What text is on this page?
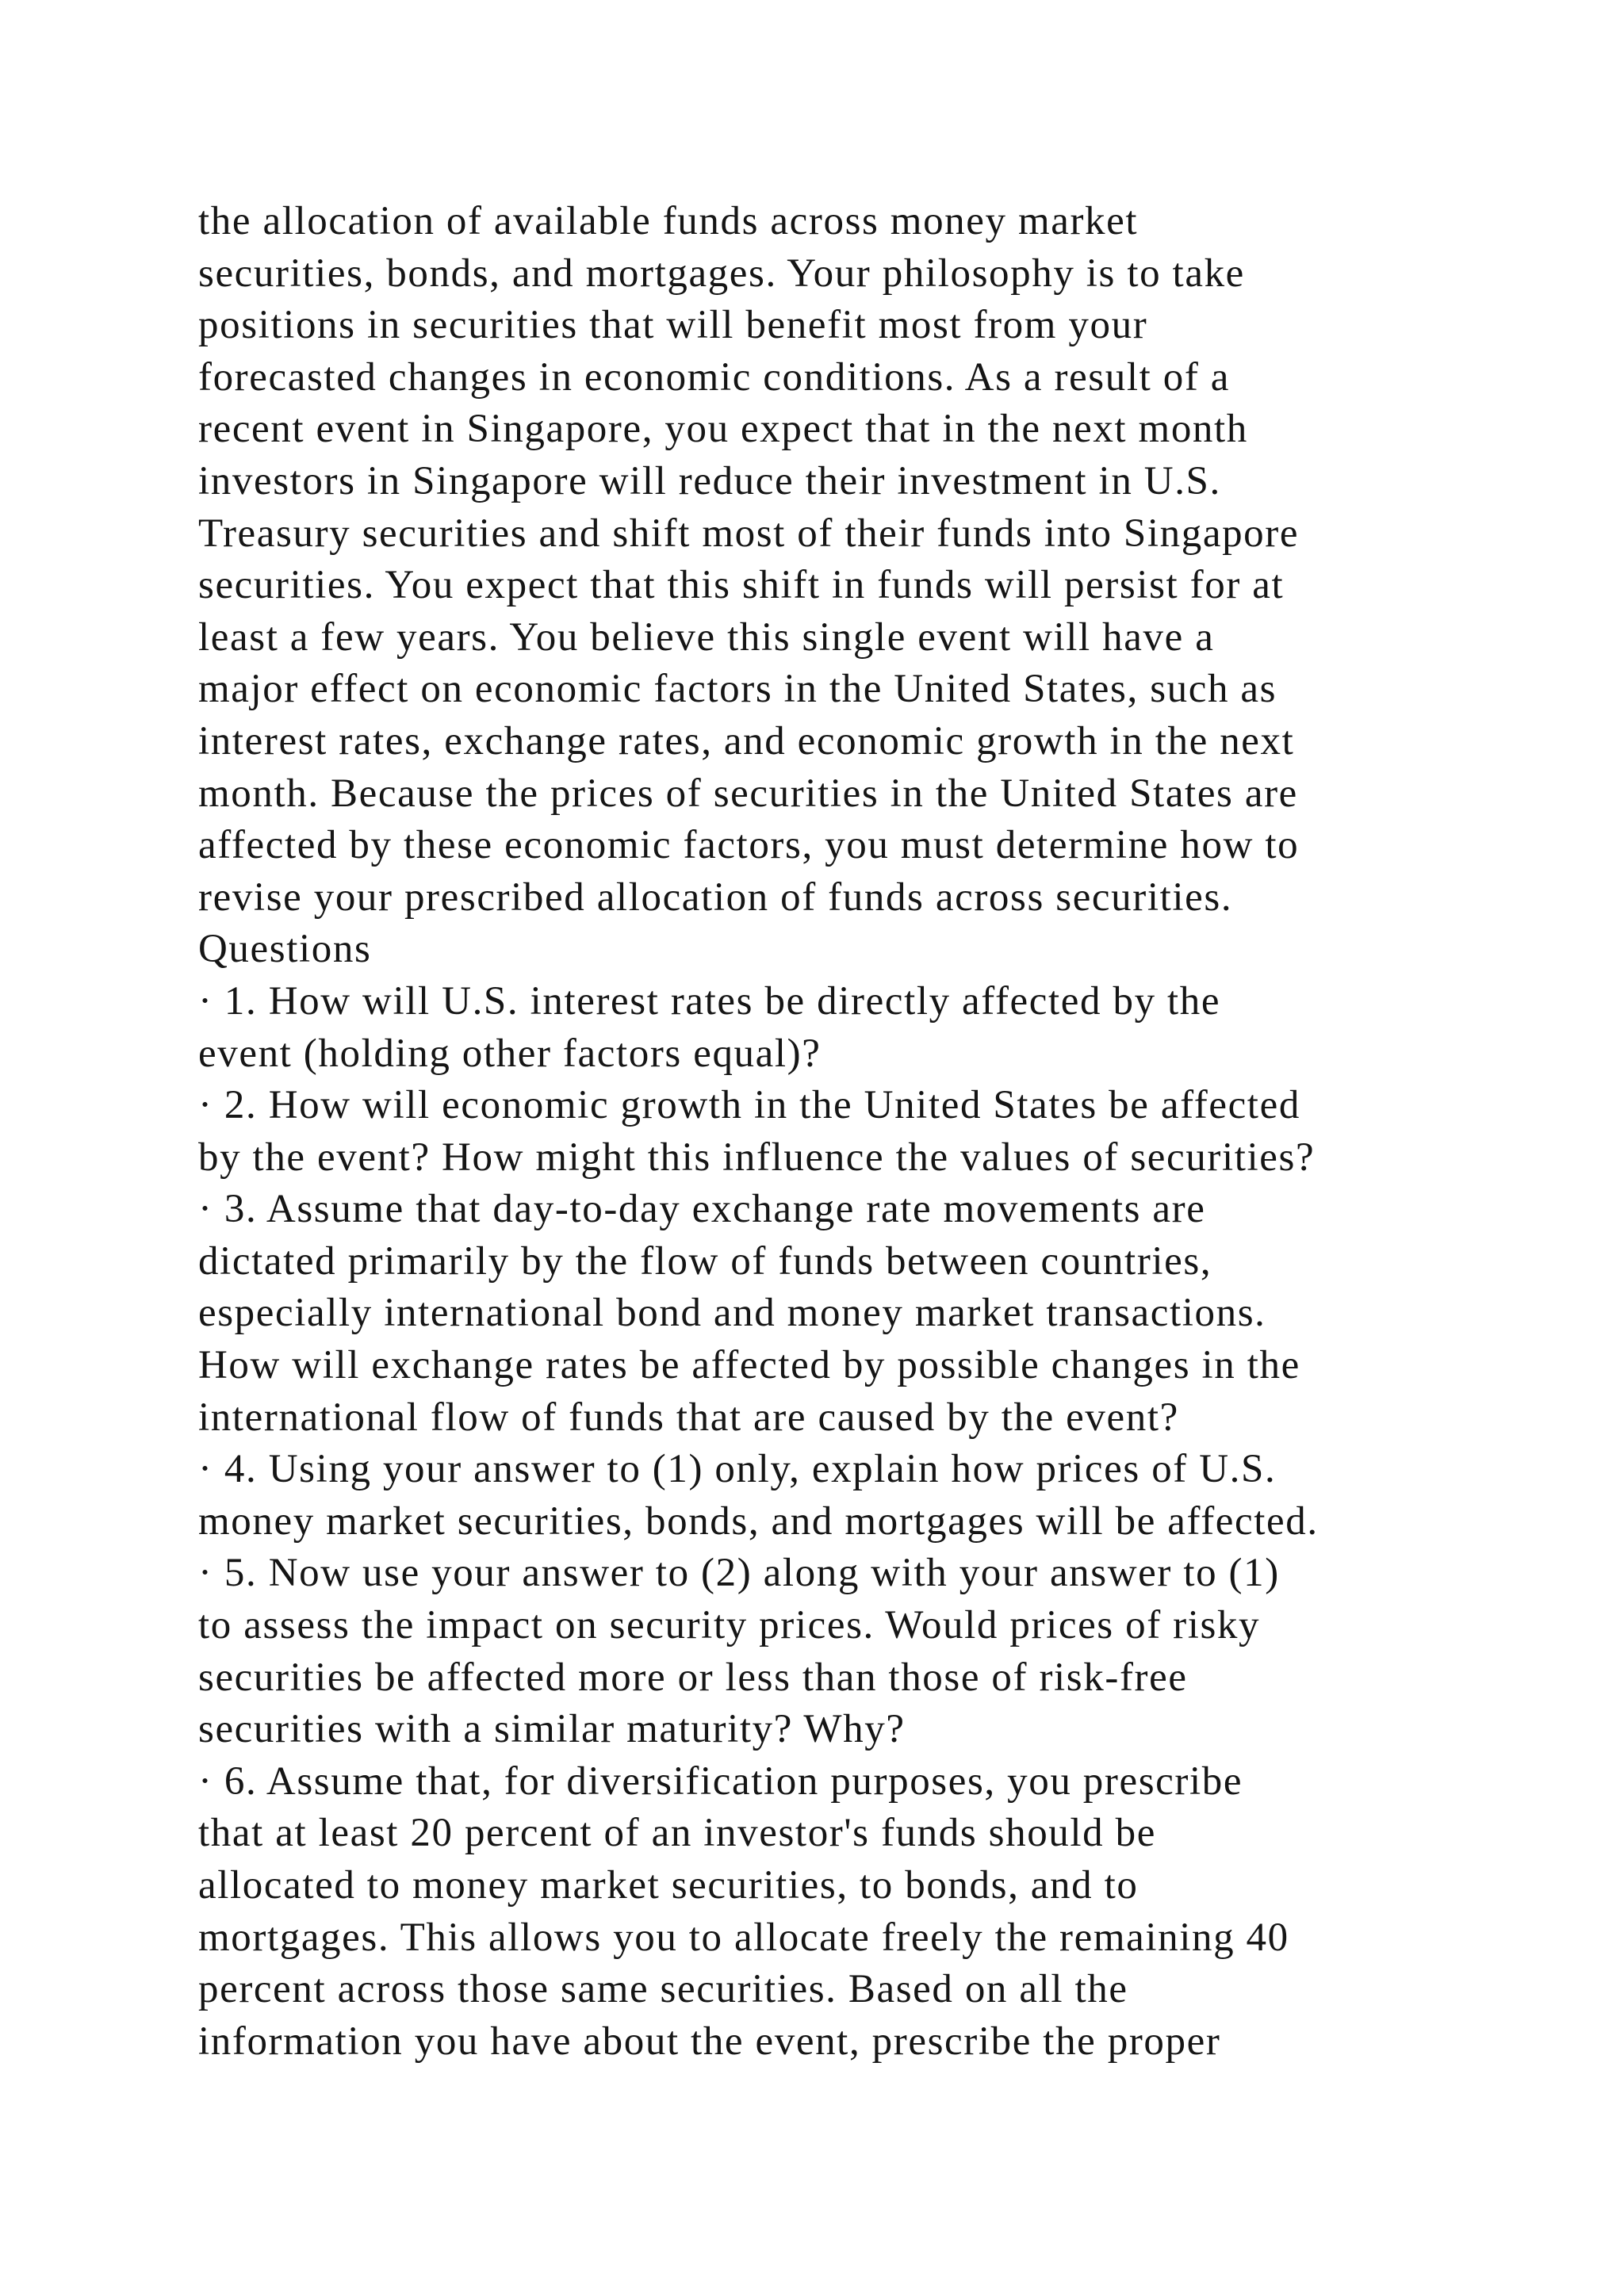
the allocation of available funds across money market
securities, bonds, and mortgages. Your philosophy is to take
positions in securities that will benefit most from your
forecasted changes in economic conditions. As a result of a
recent event in Singapore, you expect that in the next month
investors in Singapore will reduce their investment in U.S.
Treasury securities and shift most of their funds into Singapore
securities. You expect that this shift in funds will persist for at
least a few years. You believe this single event will have a
major effect on economic factors in the United States, such as
interest rates, exchange rates, and economic growth in the next
month. Because the prices of securities in the United States are
affected by these economic factors, you must determine how to
revise your prescribed allocation of funds across securities.
Questions
· 1. How will U.S. interest rates be directly affected by the
event (holding other factors equal)?
· 2. How will economic growth in the United States be affected
by the event? How might this influence the values of securities?
· 3. Assume that day-to-day exchange rate movements are
dictated primarily by the flow of funds between countries,
especially international bond and money market transactions.
How will exchange rates be affected by possible changes in the
international flow of funds that are caused by the event?
· 4. Using your answer to (1) only, explain how prices of U.S.
money market securities, bonds, and mortgages will be affected.
· 5. Now use your answer to (2) along with your answer to (1)
to assess the impact on security prices. Would prices of risky
securities be affected more or less than those of risk-free
securities with a similar maturity? Why?
· 6. Assume that, for diversification purposes, you prescribe
that at least 20 percent of an investor's funds should be
allocated to money market securities, to bonds, and to
mortgages. This allows you to allocate freely the remaining 40
percent across those same securities. Based on all the
information you have about the event, prescribe the proper
